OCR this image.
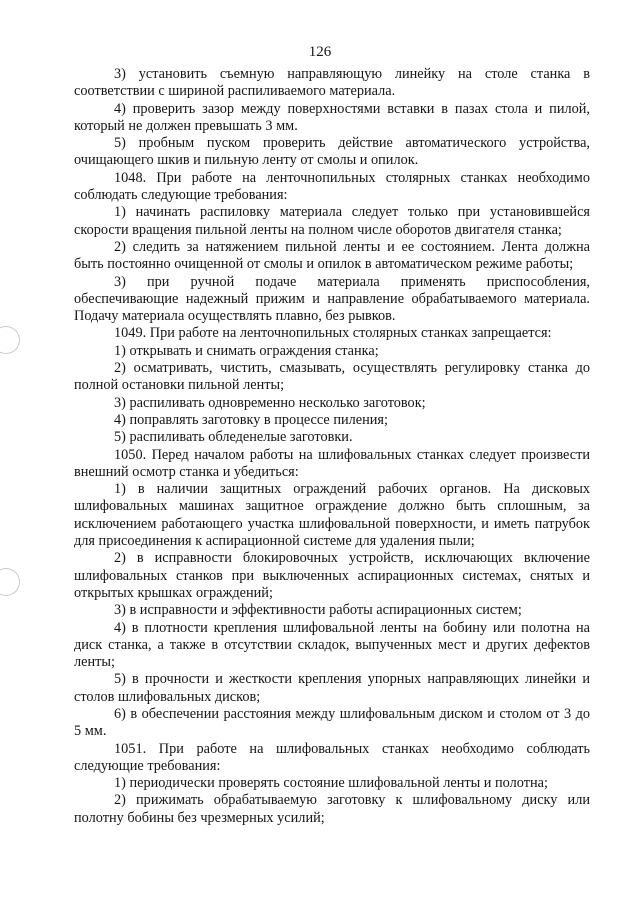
126

3) установить съемную направляющую линейку на столе станка в соответствии с шириной распиливаемого материала.

4) проверить зазор между поверхностями вставки в пазах стола и пилой, который не должен превышать 3 мм.

5) пробным пуском проверить действие автоматического устройства, очищающего шкив и пильную ленту от смолы и опилок.

1048. При работе на ленточнопильных столярных станках необходимо соблюдать следующие требования:

1) начинать распиловку материала следует только при установившейся скорости вращения пильной ленты на полном числе оборотов двигателя станка;

2) следить за натяжением пильной ленты и ее состоянием. Лента должна быть постоянно очищенной от смолы и опилок в автоматическом режиме работы;

3) при ручной подаче материала применять приспособления, обеспечивающие надежный прижим и направление обрабатываемого материала. Подачу материала осуществлять плавно, без рывков.

1049. При работе на ленточнопильных столярных станках запрещается:

1) открывать и снимать ограждения станка;

2) осматривать, чистить, смазывать, осуществлять регулировку станка до полной остановки пильной ленты;

3) распиливать одновременно несколько заготовок;

4) поправлять заготовку в процессе пиления;

5) распиливать обледенелые заготовки.

1050. Перед началом работы на шлифовальных станках следует произвести внешний осмотр станка и убедиться:

1) в наличии защитных ограждений рабочих органов. На дисковых шлифовальных машинах защитное ограждение должно быть сплошным, за исключением работающего участка шлифовальной поверхности, и иметь патрубок для присоединения к аспирационной системе для удаления пыли;

2) в исправности блокировочных устройств, исключающих включение шлифовальных станков при выключенных аспирационных системах, снятых и открытых крышках ограждений;

3) в исправности и эффективности работы аспирационных систем;

4) в плотности крепления шлифовальной ленты на бобину или полотна на диск станка, а также в отсутствии складок, выпученных мест и других дефектов ленты;

5) в прочности и жесткости крепления упорных направляющих линейки и столов шлифовальных дисков;

6) в обеспечении расстояния между шлифовальным диском и столом от 3 до 5 мм.

1051. При работе на шлифовальных станках необходимо соблюдать следующие требования:

1) периодически проверять состояние шлифовальной ленты и полотна;

2) прижимать обрабатываемую заготовку к шлифовальному диску или полотну бобины без чрезмерных усилий;
